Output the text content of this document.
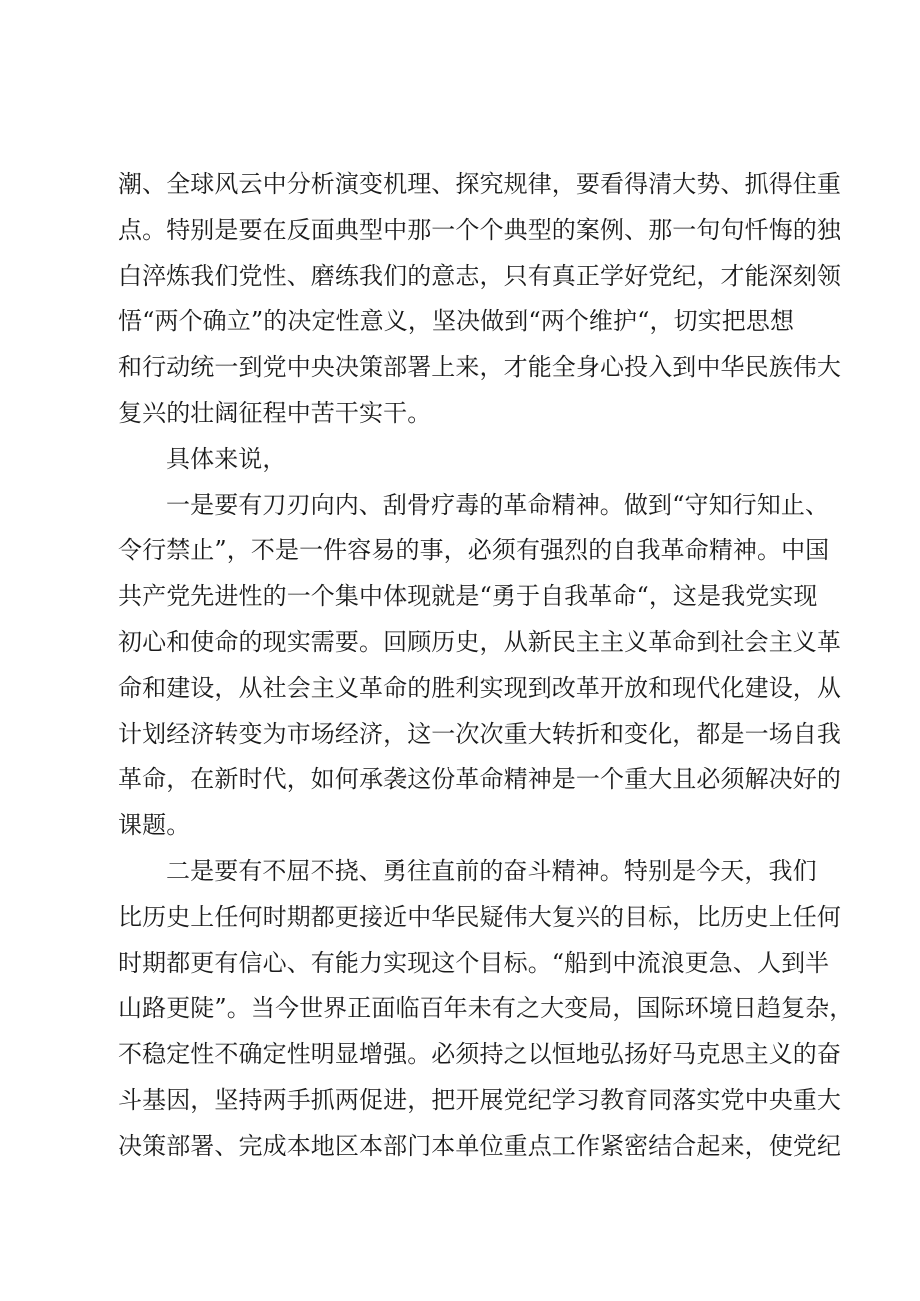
潮、全球风云中分析演变机理、探究规律，要看得清大势、抓得住重
点。特别是要在反面典型中那一个个典型的案例、那一句句忏悔的独
白淬炼我们党性、磨练我们的意志，只有真正学好党纪，才能深刻领
悟“两个确立”的决定性意义，坚决做到“两个维护“，切实把思想
和行动统一到党中央决策部署上来，才能全身心投入到中华民族伟大
复兴的壮阔征程中苦干实干。
具体来说，
一是要有刀刃向内、刮骨疗毒的革命精神。做到“守知行知止、
令行禁止”，不是一件容易的事，必须有强烈的自我革命精神。中国
共产党先进性的一个集中体现就是“勇于自我革命“，这是我党实现
初心和使命的现实需要。回顾历史，从新民主主义革命到社会主义革
命和建设，从社会主义革命的胜利实现到改革开放和现代化建设，从
计划经济转变为市场经济，这一次次重大转折和变化，都是一场自我
革命，在新时代，如何承袭这份革命精神是一个重大且必须解决好的
课题。
二是要有不屈不挠、勇往直前的奋斗精神。特别是今天，我们
比历史上任何时期都更接近中华民疑伟大复兴的目标，比历史上任何
时期都更有信心、有能力实现这个目标。“船到中流浪更急、人到半
山路更陡”。当今世界正面临百年未有之大变局，国际环境日趋复杂，
不稳定性不确定性明显增强。必须持之以恒地弘扬好马克思主义的奋
斗基因，坚持两手抓两促进，把开展党纪学习教育同落实党中央重大
决策部署、完成本地区本部门本单位重点工作紧密结合起来，使党纪
